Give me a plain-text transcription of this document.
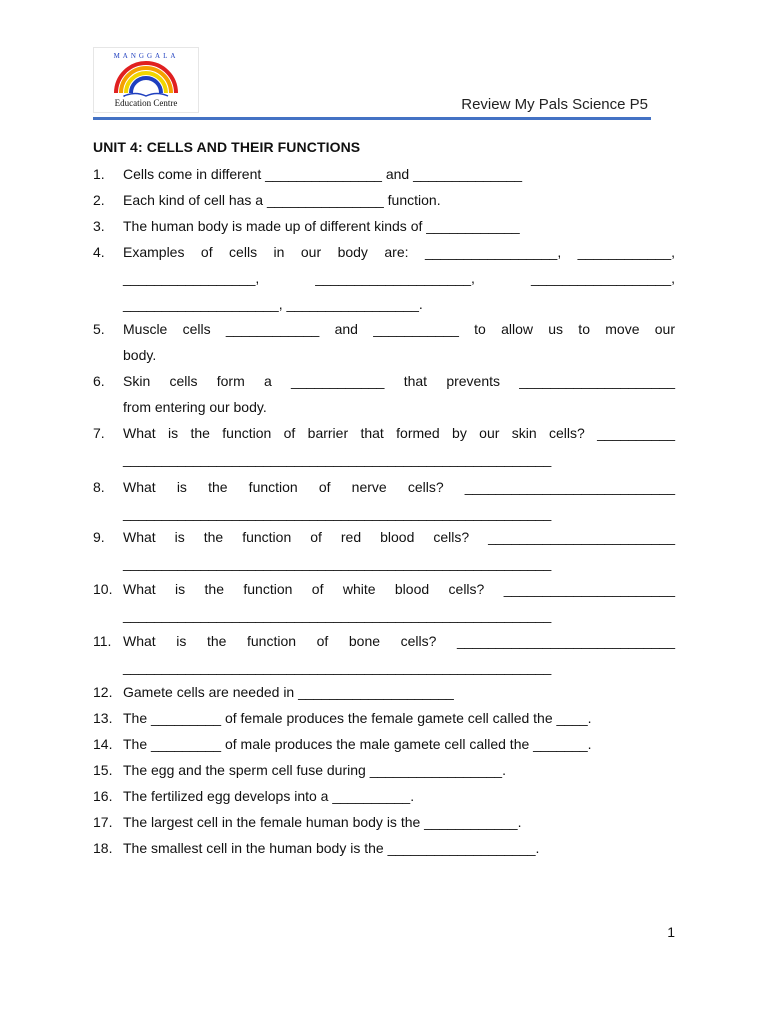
Education Centre
MANGGALA
Review My Pals Science P5
UNIT 4: CELLS AND THEIR FUNCTIONS
1.	Cells come in different _______________ and ______________
2.	Each kind of cell has a _______________ function.
3.	The human body is made up of different kinds of ____________
4.	Examples of cells in our body are: _________________, ____________,
_________________, ____________________, __________________,
____________________, _________________.
5.	Muscle cells ____________ and ___________ to allow us to move our
body.
6.	Skin cells form a ____________ that prevents ____________________
from entering our body.
7.	What is the function of barrier that formed by our skin cells? __________
_______________________________________________________
8.	What is the function of nerve cells? ___________________________
_______________________________________________________
9.	What is the function of red blood cells? ________________________
_______________________________________________________
10. What is the function of white blood cells? ______________________
_______________________________________________________
11. What is the function of bone cells? ____________________________
_______________________________________________________
12. Gamete cells are needed in ____________________
13. The _________ of female produces the female gamete cell called the ____.
14. The _________ of male produces the male gamete cell called the _______.
15. The egg and the sperm cell fuse during _________________.
16. The fertilized egg develops into a __________.
17. The largest cell in the female human body is the ____________.
18. The smallest cell in the human body is the ___________________.
1
